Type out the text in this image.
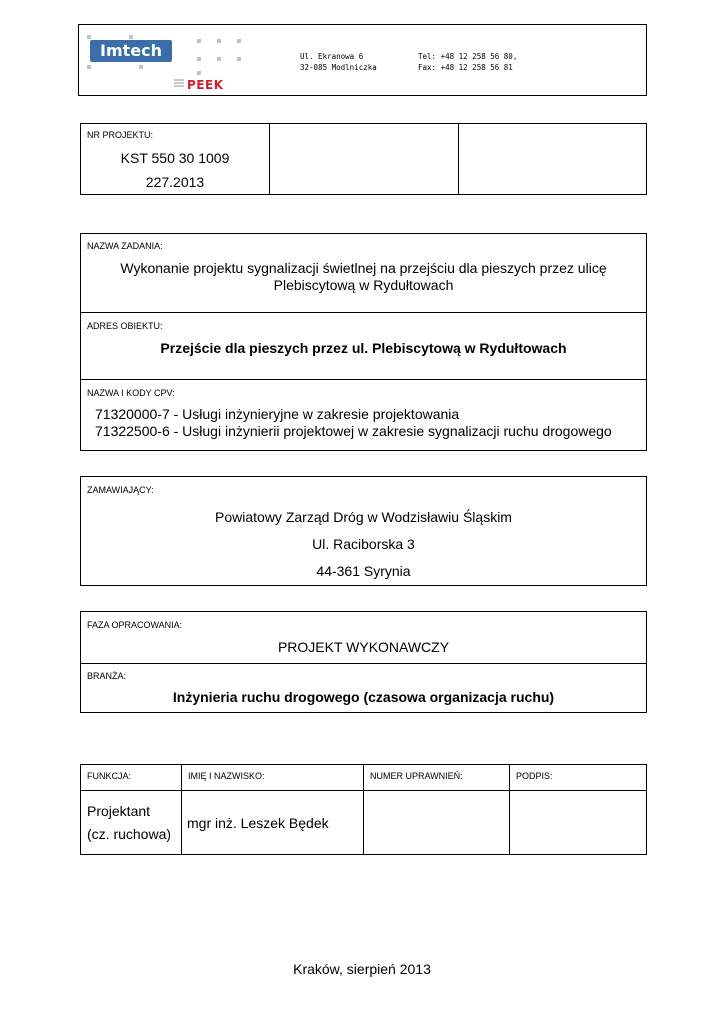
Imtech
PEEK
Ul. Ekranowa 6
32-085 Modlniczka
Tel: +48 12 258 56 80,
Fax: +48 12 258 56 81
NR PROJEKTU:
KST 550 30 1009
227.2013

NAZWA ZADANIA:
Wykonanie projektu sygnalizacji świetlnej na przejściu dla pieszych przez ulicę
Plebiscytową w Rydułtowach
ADRES OBIEKTU:
Przejście dla pieszych przez ul. Plebiscytową w Rydułtowach
NAZWA I KODY CPV:
71320000-7 - Usługi inżynieryjne w zakresie projektowania
71322500-6 - Usługi inżynierii projektowej w zakresie sygnalizacji ruchu drogowego
ZAMAWIAJĄCY:
Powiatowy Zarząd Dróg w Wodzisławiu Śląskim
Ul. Raciborska 3
44-361 Syrynia
FAZA OPRACOWANIA:
PROJEKT WYKONAWCZY
BRANŻA:
Inżynieria ruchu drogowego (czasowa organizacja ruchu)
FUNKCJA:	IMIĘ I NAZWISKO:	NUMER UPRAWNIEŃ:	PODPIS:

Projektant
(cz. ruchowa)	mgr inż. Leszek Będek		
Kraków, sierpień 2013
